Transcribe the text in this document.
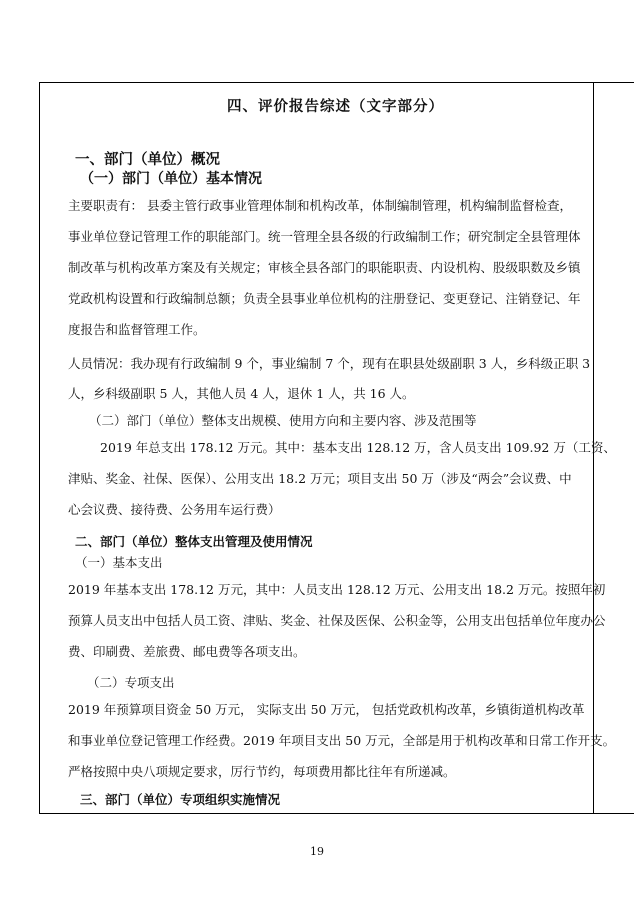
四、评价报告综述（文字部分）
一、部门（单位）概况
（一）部门（单位）基本情况
主要职责有： 县委主管行政事业管理体制和机构改革，体制编制管理，机构编制监督检查，
事业单位登记管理工作的职能部门。统一管理全县各级的行政编制工作；研究制定全县管理体
制改革与机构改革方案及有关规定；审核全县各部门的职能职责、内设机构、股级职数及乡镇
党政机构设置和行政编制总额；负责全县事业单位机构的注册登记、变更登记、注销登记、年
度报告和监督管理工作。
人员情况：我办现有行政编制 9 个，事业编制 7 个，现有在职县处级副职 3 人，乡科级正职 3
人，乡科级副职 5 人，其他人员 4 人，退休 1 人，共 16 人。
（二）部门（单位）整体支出规模、使用方向和主要内容、涉及范围等
2019 年总支出 178.12 万元。其中：基本支出 128.12 万，含人员支出 109.92 万（工资、
津贴、奖金、社保、医保）、公用支出 18.2 万元；项目支出 50 万（涉及“两会”会议费、中
心会议费、接待费、公务用车运行费）
二、部门（单位）整体支出管理及使用情况
（一）基本支出
2019 年基本支出 178.12 万元，其中：人员支出 128.12 万元、公用支出 18.2 万元。按照年初
预算人员支出中包括人员工资、津贴、奖金、社保及医保、公积金等，公用支出包括单位年度办公
费、印刷费、差旅费、邮电费等各项支出。
（二）专项支出
2019 年预算项目资金 50 万元， 实际支出 50 万元， 包括党政机构改革，乡镇街道机构改革
和事业单位登记管理工作经费。2019 年项目支出 50 万元，全部是用于机构改革和日常工作开支。
严格按照中央八项规定要求，厉行节约，每项费用都比往年有所递减。
三、部门（单位）专项组织实施情况
19
